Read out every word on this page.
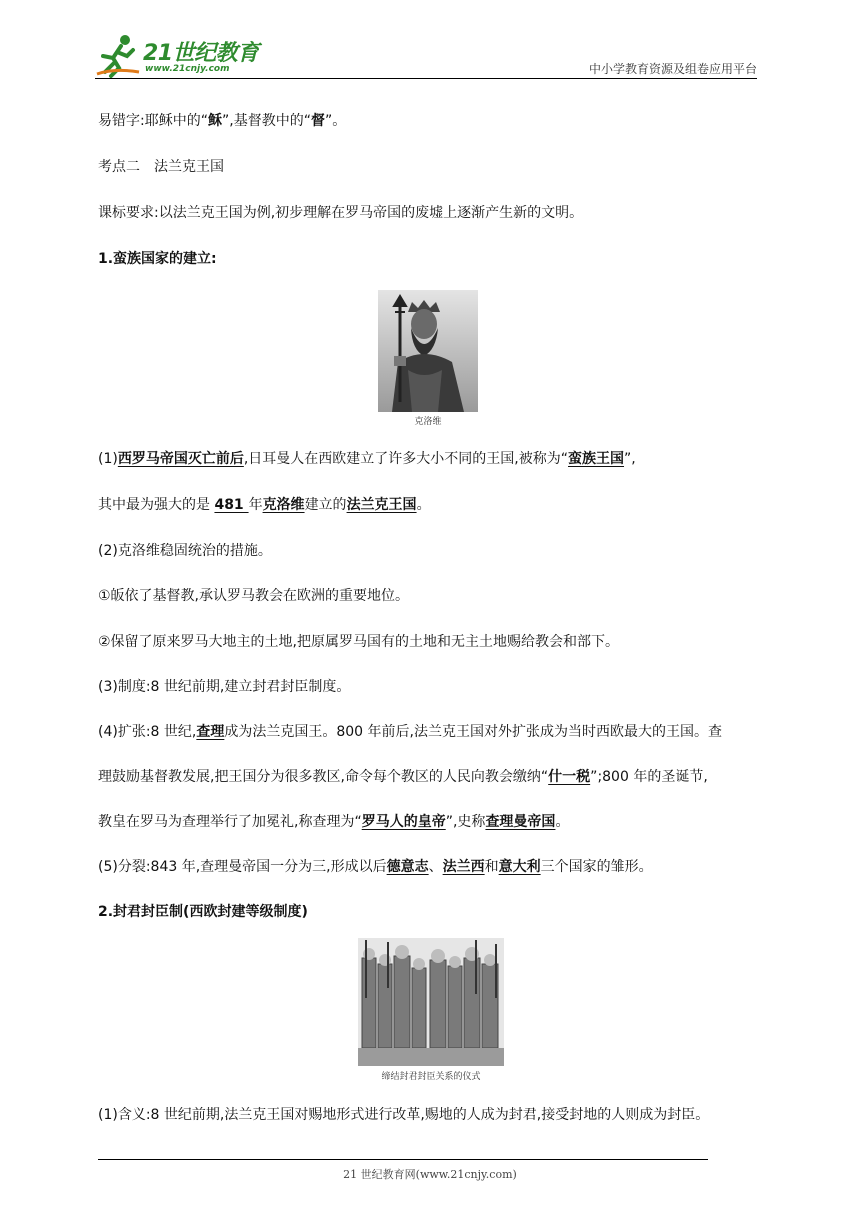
21世纪教育
www.21cnjy.com	中小学教育资源及组卷应用平台
易错字:耶稣中的“稣”,基督教中的“督”。
考点二　法兰克王国
课标要求:以法兰克王国为例,初步理解在罗马帝国的废墟上逐渐产生新的文明。
1.蛮族国家的建立:
克洛维
(1)西罗马帝国灭亡前后,日耳曼人在西欧建立了许多大小不同的王国,被称为“蛮族王国”,
其中最为强大的是 481 年克洛维建立的法兰克王国。
(2)克洛维稳固统治的措施。
①皈依了基督教,承认罗马教会在欧洲的重要地位。
②保留了原来罗马大地主的土地,把原属罗马国有的土地和无主土地赐给教会和部下。
(3)制度:8 世纪前期,建立封君封臣制度。
(4)扩张:8 世纪,查理成为法兰克国王。800 年前后,法兰克王国对外扩张成为当时西欧最大的王国。查
理鼓励基督教发展,把王国分为很多教区,命令每个教区的人民向教会缴纳“什一税”;800 年的圣诞节,
教皇在罗马为查理举行了加冕礼,称查理为“罗马人的皇帝”,史称查理曼帝国。
(5)分裂:843 年,查理曼帝国一分为三,形成以后德意志、法兰西和意大利三个国家的雏形。
2.封君封臣制(西欧封建等级制度)
缔结封君封臣关系的仪式
(1)含义:8 世纪前期,法兰克王国对赐地形式进行改革,赐地的人成为封君,接受封地的人则成为封臣。
21 世纪教育网(www.21cnjy.com)
